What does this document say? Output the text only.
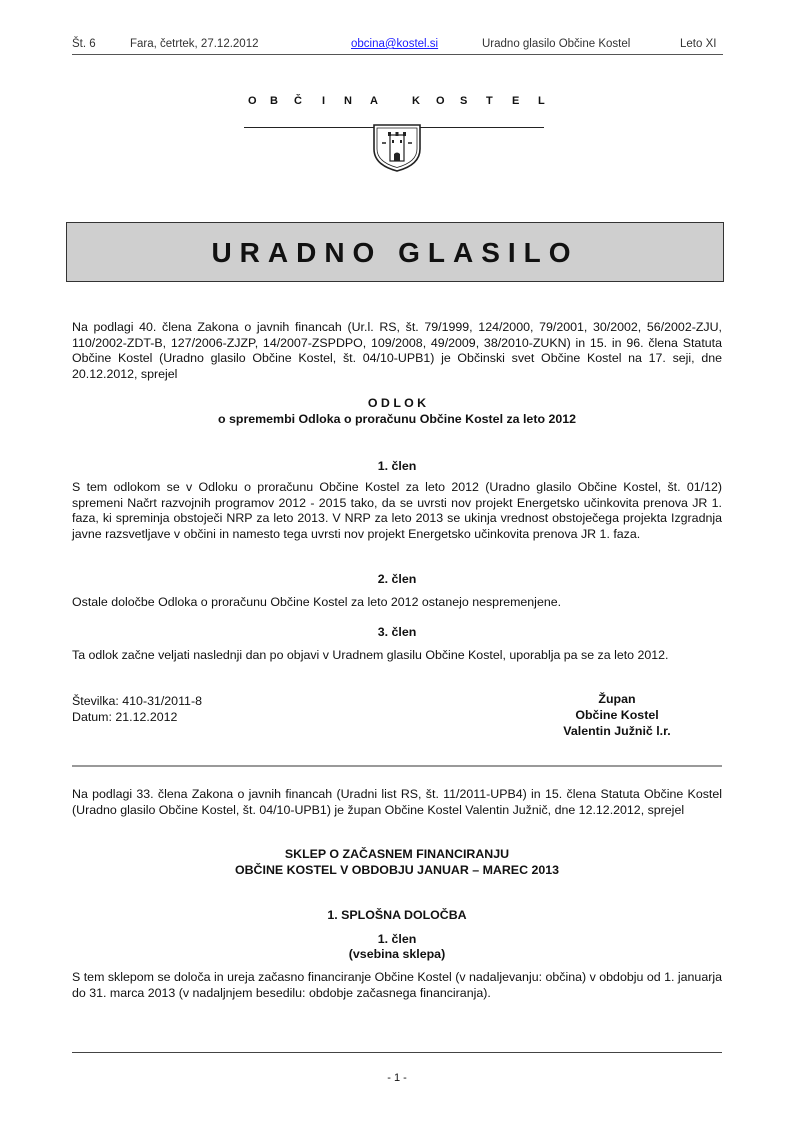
Št. 6	Fara, četrtek, 27.12.2012	obcina@kostel.si	Uradno glasilo Občine Kostel	Leto XI
O B Č I N A	K O S T E L
URADNO GLASILO
Na podlagi 40. člena Zakona o javnih financah (Ur.l. RS, št. 79/1999, 124/2000, 79/2001, 30/2002, 56/2002-ZJU, 110/2002-ZDT-B, 127/2006-ZJZP, 14/2007-ZSPDPO, 109/2008, 49/2009, 38/2010-ZUKN) in 15. in 96. člena Statuta Občine Kostel (Uradno glasilo Občine Kostel, št. 04/10-UPB1) je Občinski svet Občine Kostel na 17. seji, dne 20.12.2012, sprejel
O D L O K
o spremembi Odloka o proračunu Občine Kostel za leto 2012
1. člen
S tem odlokom se v Odloku o proračunu Občine Kostel za leto 2012 (Uradno glasilo Občine Kostel, št. 01/12) spremeni Načrt razvojnih programov 2012 - 2015 tako, da se uvrsti nov projekt Energetsko učinkovita prenova JR 1. faza, ki spreminja obstoječi NRP za leto 2013. V NRP za leto 2013 se ukinja vrednost obstoječega projekta Izgradnja javne razsvetljave v občini in namesto tega uvrsti nov projekt Energetsko učinkovita prenova JR 1. faza.
2. člen
Ostale določbe Odloka o proračunu Občine Kostel za leto 2012 ostanejo nespremenjene.
3. člen
Ta odlok začne veljati naslednji dan po objavi v Uradnem glasilu Občine Kostel, uporablja pa se za leto 2012.
Številka: 410-31/2011-8
Datum: 21.12.2012
Župan
Občine Kostel
Valentin Južnič l.r.
Na podlagi 33. člena Zakona o javnih financah (Uradni list RS, št. 11/2011-UPB4) in 15. člena Statuta Občine Kostel (Uradno glasilo Občine Kostel, št. 04/10-UPB1) je župan Občine Kostel Valentin Južnič, dne 12.12.2012, sprejel
SKLEP O ZAČASNEM FINANCIRANJU
OBČINE KOSTEL V OBDOBJU JANUAR – MAREC 2013
1. SPLOŠNA DOLOČBA
1. člen
(vsebina sklepa)
S tem sklepom se določa in ureja začasno financiranje Občine Kostel (v nadaljevanju: občina) v obdobju od 1. januarja do 31. marca 2013 (v nadaljnjem besedilu: obdobje začasnega financiranja).
- 1 -
